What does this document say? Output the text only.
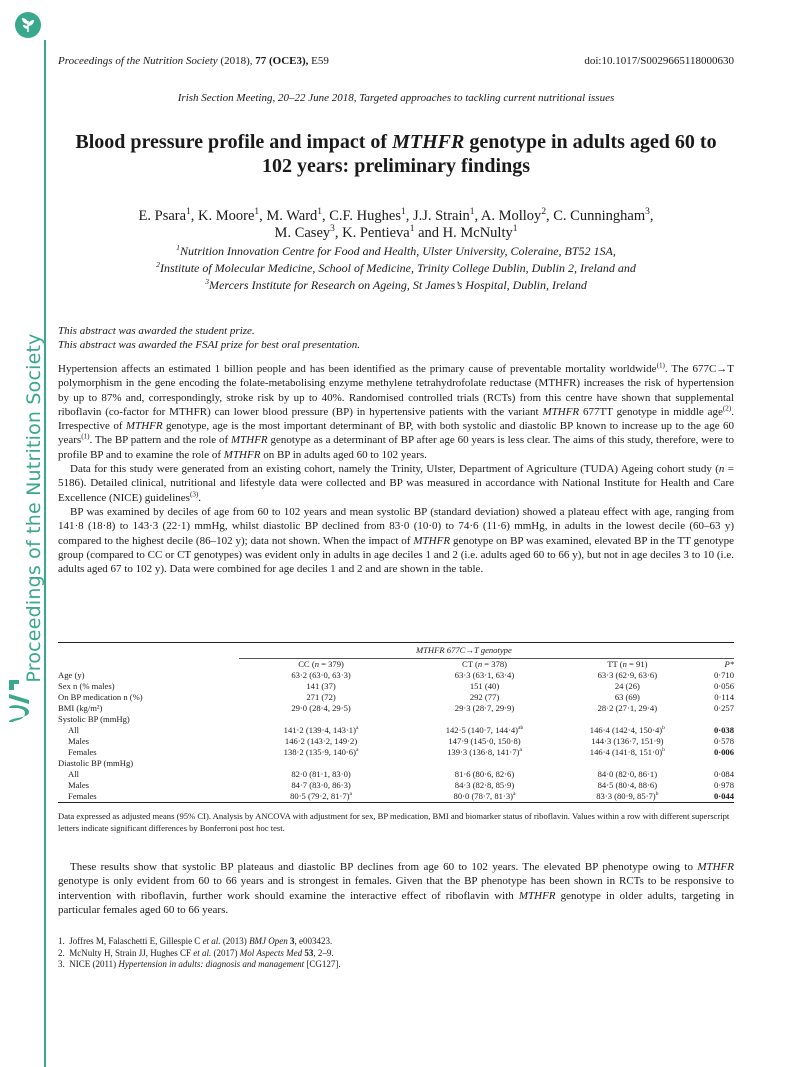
Proceedings of the Nutrition Society
Proceedings of the Nutrition Society (2018), 77 (OCE3), E59	doi:10.1017/S0029665118000630
Irish Section Meeting, 20–22 June 2018, Targeted approaches to tackling current nutritional issues
Blood pressure profile and impact of MTHFR genotype in adults aged 60 to 102 years: preliminary findings
E. Psara$^1$, K. Moore$^1$, M. Ward$^1$, C.F. Hughes$^1$, J.J. Strain$^1$, A. Molloy$^2$, C. Cunningham$^3$,
M. Casey$^3$, K. Pentieva$^1$ and H. McNulty$^1$
$^1$Nutrition Innovation Centre for Food and Health, Ulster University, Coleraine, BT52 1SA,
$^2$Institute of Molecular Medicine, School of Medicine, Trinity College Dublin, Dublin 2, Ireland and
$^3$Mercers Institute for Research on Ageing, St James’s Hospital, Dublin, Ireland
This abstract was awarded the student prize.
This abstract was awarded the FSAI prize for best oral presentation.

Hypertension affects an estimated 1 billion people and has been identified as the primary cause of preventable mortality worldwide$^{(1)}$. The 677C→T polymorphism in the gene encoding the folate-metabolising enzyme methylene tetrahydrofolate reductase (MTHFR) increases the risk of hypertension by up to 87% and, correspondingly, stroke risk by up to 40%. Randomised controlled trials (RCTs) from this centre have shown that supplemental riboflavin (co-factor for MTHFR) can lower blood pressure (BP) in hypertensive patients with the variant MTHFR 677TT genotype in middle age$^{(2)}$. Irrespective of MTHFR genotype, age is the most important determinant of BP, with both systolic and diastolic BP known to increase up to the age 60 years$^{(1)}$. The BP pattern and the role of MTHFR genotype as a determinant of BP after age 60 years is less clear. The aims of this study, therefore, were to profile BP and to examine the role of MTHFR on BP in adults aged 60 to 102 years.

Data for this study were generated from an existing cohort, namely the Trinity, Ulster, Department of Agriculture (TUDA) Ageing cohort study (n = 5186). Detailed clinical, nutritional and lifestyle data were collected and BP was measured in accordance with National Institute for Health and Care Excellence (NICE) guidelines$^{(3)}$.

BP was examined by deciles of age from 60 to 102 years and mean systolic BP (standard deviation) showed a plateau effect with age, ranging from 141·8 (18·8) to 143·3 (22·1) mmHg, whilst diastolic BP declined from 83·0 (10·0) to 74·6 (11·6) mmHg, in adults in the lowest decile (60–63 y) compared to the highest decile (86–102 y); data not shown. When the impact of MTHFR genotype on BP was examined, elevated BP in the TT genotype group (compared to CC or CT genotypes) was evident only in adults in age deciles 1 and 2 (i.e. adults aged 60 to 66 y), but not in age deciles 3 to 10 (i.e. adults aged 67 to 102 y). Data were combined for age deciles 1 and 2 and are shown in the table.

	MTHFR 677C→T genotype			
	CC (n = 379)	CT (n = 378)	TT (n = 91)	P*
Age (y)	63·2 (63·0, 63·3)	63·3 (63·1, 63·4)	63·3 (62·9, 63·6)	0·710
Sex n (% males)	141 (37)	151 (40)	24 (26)	0·056
On BP medication n (%)	271 (72)	292 (77)	63 (69)	0·114
BMI (kg/m²)	29·0 (28·4, 29·5)	29·3 (28·7, 29·9)	28·2 (27·1, 29·4)	0·257
Systolic BP (mmHg)				
All	141·2 (139·4, 143·1)$^a$	142·5 (140·7, 144·4)$^{ab}$	146·4 (142·4, 150·4)$^b$	0·038
Males	146·2 (143·2, 149·2)	147·9 (145·0, 150·8)	144·3 (136·7, 151·9)	0·578
Females	138·2 (135·9, 140·6)$^a$	139·3 (136·8, 141·7)$^a$	146·4 (141·8, 151·0)$^b$	0·006
Diastolic BP (mmHg)				
All	82·0 (81·1, 83·0)	81·6 (80·6, 82·6)	84·0 (82·0, 86·1)	0·084
Males	84·7 (83·0, 86·3)	84·3 (82·8, 85·9)	84·5 (80·4, 88·6)	0·978
Females	80·5 (79·2, 81·7)$^a$	80·0 (78·7, 81·3)$^a$	83·3 (80·9, 85·7)$^b$	0·044
Data expressed as adjusted means (95% CI). Analysis by ANCOVA with adjustment for sex, BP medication, BMI and biomarker status of riboflavin. Values within a row with different superscript letters indicate significant differences by Bonferroni post hoc test.

These results show that systolic BP plateaus and diastolic BP declines from age 60 to 102 years. The elevated BP phenotype owing to MTHFR genotype is only evident from 60 to 66 years and is strongest in females. Given that the BP phenotype has been shown in RCTs to be responsive to intervention with riboflavin, further work should examine the interactive effect of riboflavin with MTHFR genotype in older adults, targeting in particular females aged 60 to 66 years.

1. Joffres M, Falaschetti E, Gillespie C et al. (2013) BMJ Open 3, e003423.
2. McNulty H, Strain JJ, Hughes CF et al. (2017) Mol Aspects Med 53, 2–9.
3. NICE (2011) Hypertension in adults: diagnosis and management [CG127].
